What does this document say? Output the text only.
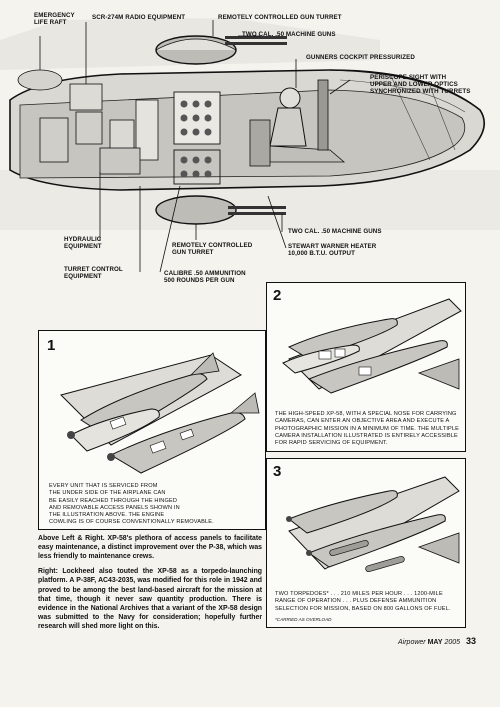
EMERGENCY
LIFE RAFT
SCR-274M RADIO EQUIPMENT	REMOTELY CONTROLLED GUN TURRET
TWO CAL. .50 MACHINE GUNS
GUNNERS COCKPIT PRESSURIZED
PERISCOPE SIGHT WITH
UPPER AND LOWER OPTICS
SYNCHRONIZED WITH TURRETS
HYDRAULIC
EQUIPMENT
TURRET CONTROL
EQUIPMENT
REMOTELY CONTROLLED
GUN TURRET
TWO CAL. .50 MACHINE GUNS
STEWART WARNER HEATER
10,000 B.T.U. OUTPUT
CALIBRE .50 AMMUNITION
500 ROUNDS PER GUN
1
EVERY UNIT THAT IS SERVICED FROM
THE UNDER SIDE OF THE AIRPLANE CAN
BE EASILY REACHED THROUGH THE HINGED
AND REMOVABLE ACCESS PANELS SHOWN IN
THE ILLUSTRATION ABOVE. THE ENGINE
COWLING IS OF COURSE CONVENTIONALLY REMOVABLE.
2
THE HIGH-SPEED XP-58, WITH A SPECIAL NOSE FOR CARRYING
CAMERAS, CAN ENTER AN OBJECTIVE AREA AND EXECUTE A
PHOTOGRAPHIC MISSION IN A MINIMUM OF TIME. THE MULTIPLE
CAMERA INSTALLATION ILLUSTRATED IS ENTIRELY ACCESSIBLE
FOR RAPID SERVICING OF EQUIPMENT.
3
TWO TORPEDOES* . . . 210 MILES PER HOUR . . . 1200-MILE
RANGE OF OPERATION . . . PLUS DEFENSE AMMUNITION
SELECTION FOR MISSION, BASED ON 800 GALLONS OF FUEL.
*CARRIED AS OVERLOAD

Above Left & Right. XP-58's plethora of access panels to facilitate easy maintenance, a distinct improvement over the P-38, which was less friendly to maintenance crews.

Right: Lockheed also touted the XP-58 as a torpedo-launching platform. A P-38F, AC43-2035, was modified for this role in 1942 and proved to be among the best land-based aircraft for the mission at that time, though it never saw quantity production. There is evidence in the National Archives that a variant of the XP-58 design was submitted to the Navy for consideration; hopefully further research will shed more light on this.

Airpower MAY 2005 33
